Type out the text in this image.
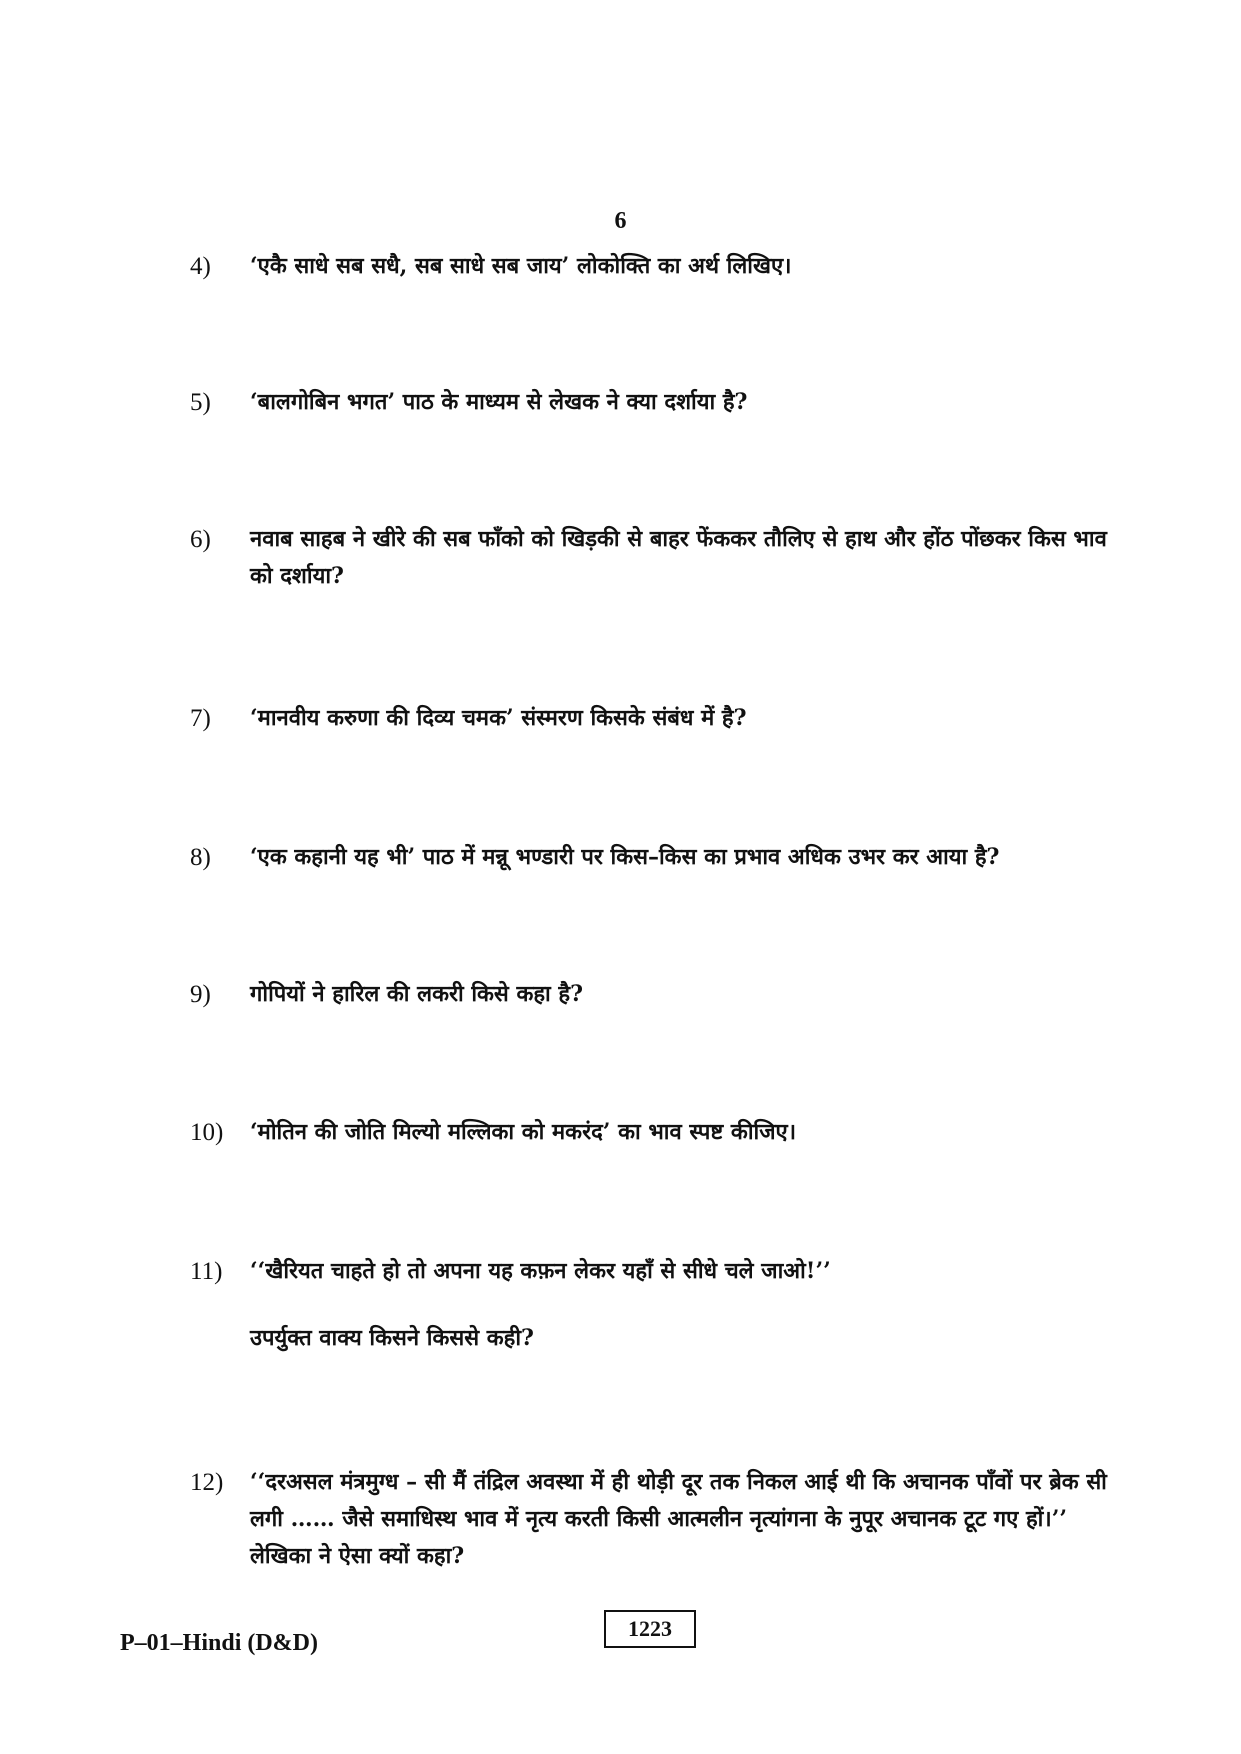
6
4)	‘एकै साधे सब सधै, सब साधे सब जाय’ लोकोक्ति का अर्थ लिखिए।
5)	‘बालगोबिन भगत’ पाठ के माध्यम से लेखक ने क्या दर्शाया है?
6)	नवाब साहब ने खीरे की सब फाँको को खिड़की से बाहर फेंककर तौलिए से हाथ और होंठ पोंछकर किस भाव को दर्शाया?
7)	‘मानवीय करुणा की दिव्य चमक’ संस्मरण किसके संबंध में है?
8)	‘एक कहानी यह भी’ पाठ में मन्नू भण्डारी पर किस–किस का प्रभाव अधिक उभर कर आया है?
9)	गोपियों ने हारिल की लकरी किसे कहा है?
10)	‘मोतिन की जोति मिल्यो मल्लिका को मकरंद’ का भाव स्पष्ट कीजिए।
11)	‘‘खैरियत चाहते हो तो अपना यह कफ़न लेकर यहाँ से सीधे चले जाओ!’’
उपर्युक्त वाक्य किसने किससे कही?
12)	‘‘दरअसल मंत्रमुग्ध – सी मैं तंद्रिल अवस्था में ही थोड़ी दूर तक निकल आई थी कि अचानक पाँवों पर ब्रेक सी लगी …… जैसे समाधिस्थ भाव में नृत्य करती किसी आत्मलीन नृत्यांगना के नुपूर अचानक टूट गए हों।’’ लेखिका ने ऐसा क्यों कहा?
P–01–Hindi (D&D)
1223
